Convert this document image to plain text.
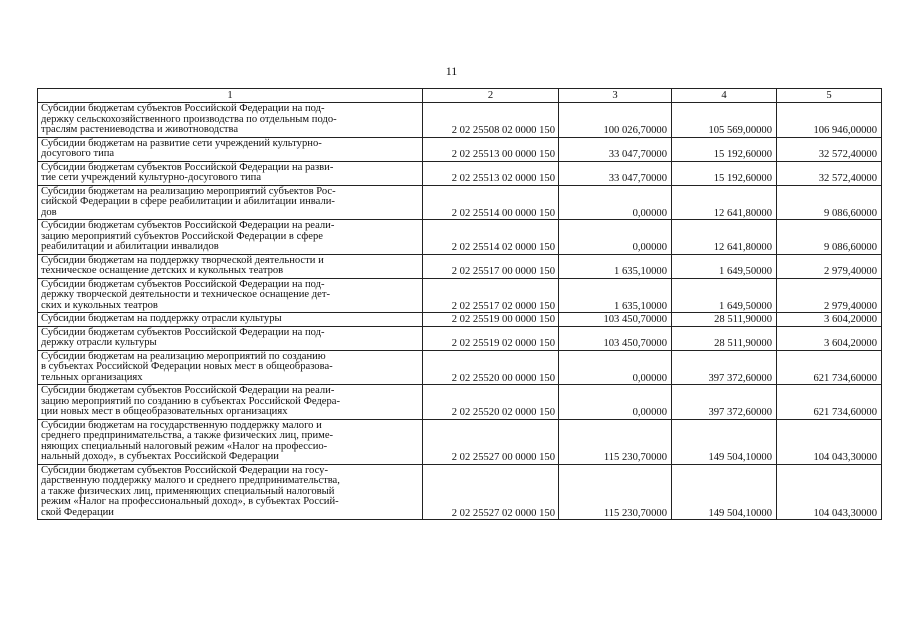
11
1	2	3	4	5

Субсидии бюджетам субъектов Российской Федерации на под-
держку сельскохозяйственного производства по отдельным подо-
траслям растениеводства и животноводства	2 02 25508 02 0000 150	100 026,70000	105 569,00000	106 946,00000

Субсидии бюджетам на развитие сети учреждений культурно-
досугового типа	2 02 25513 00 0000 150	33 047,70000	15 192,60000	32 572,40000

Субсидии бюджетам субъектов Российской Федерации на разви-
тие сети учреждений культурно-досугового типа	2 02 25513 02 0000 150	33 047,70000	15 192,60000	32 572,40000

Субсидии бюджетам на реализацию мероприятий субъектов Рос-
сийской Федерации в сфере реабилитации и абилитации инвали-
дов	2 02 25514 00 0000 150	0,00000	12 641,80000	9 086,60000

Субсидии бюджетам субъектов Российской Федерации на реали-
зацию мероприятий субъектов Российской Федерации в сфере
реабилитации и абилитации инвалидов	2 02 25514 02 0000 150	0,00000	12 641,80000	9 086,60000

Субсидии бюджетам на поддержку творческой деятельности и
техническое оснащение детских и кукольных театров	2 02 25517 00 0000 150	1 635,10000	1 649,50000	2 979,40000

Субсидии бюджетам субъектов Российской Федерации на под-
держку творческой деятельности и техническое оснащение дет-
ских и кукольных театров	2 02 25517 02 0000 150	1 635,10000	1 649,50000	2 979,40000

Субсидии бюджетам на поддержку отрасли культуры	2 02 25519 00 0000 150	103 450,70000	28 511,90000	3 604,20000

Субсидии бюджетам субъектов Российской Федерации на под-
держку отрасли культуры	2 02 25519 02 0000 150	103 450,70000	28 511,90000	3 604,20000

Субсидии бюджетам на реализацию мероприятий по созданию
в субъектах Российской Федерации новых мест в общеобразова-
тельных организациях	2 02 25520 00 0000 150	0,00000	397 372,60000	621 734,60000

Субсидии бюджетам субъектов Российской Федерации на реали-
зацию мероприятий по созданию в субъектах Российской Федера-
ции новых мест в общеобразовательных организациях	2 02 25520 02 0000 150	0,00000	397 372,60000	621 734,60000

Субсидии бюджетам на государственную поддержку малого и
среднего предпринимательства, а также физических лиц, приме-
няющих специальный налоговый режим «Налог на профессио-
нальный доход», в субъектах Российской Федерации	2 02 25527 00 0000 150	115 230,70000	149 504,10000	104 043,30000

Субсидии бюджетам субъектов Российской Федерации на госу-
дарственную поддержку малого и среднего предпринимательства,
а также физических лиц, применяющих специальный налоговый
режим «Налог на профессиональный доход», в субъектах Россий-
ской Федерации	2 02 25527 02 0000 150	115 230,70000	149 504,10000	104 043,30000
